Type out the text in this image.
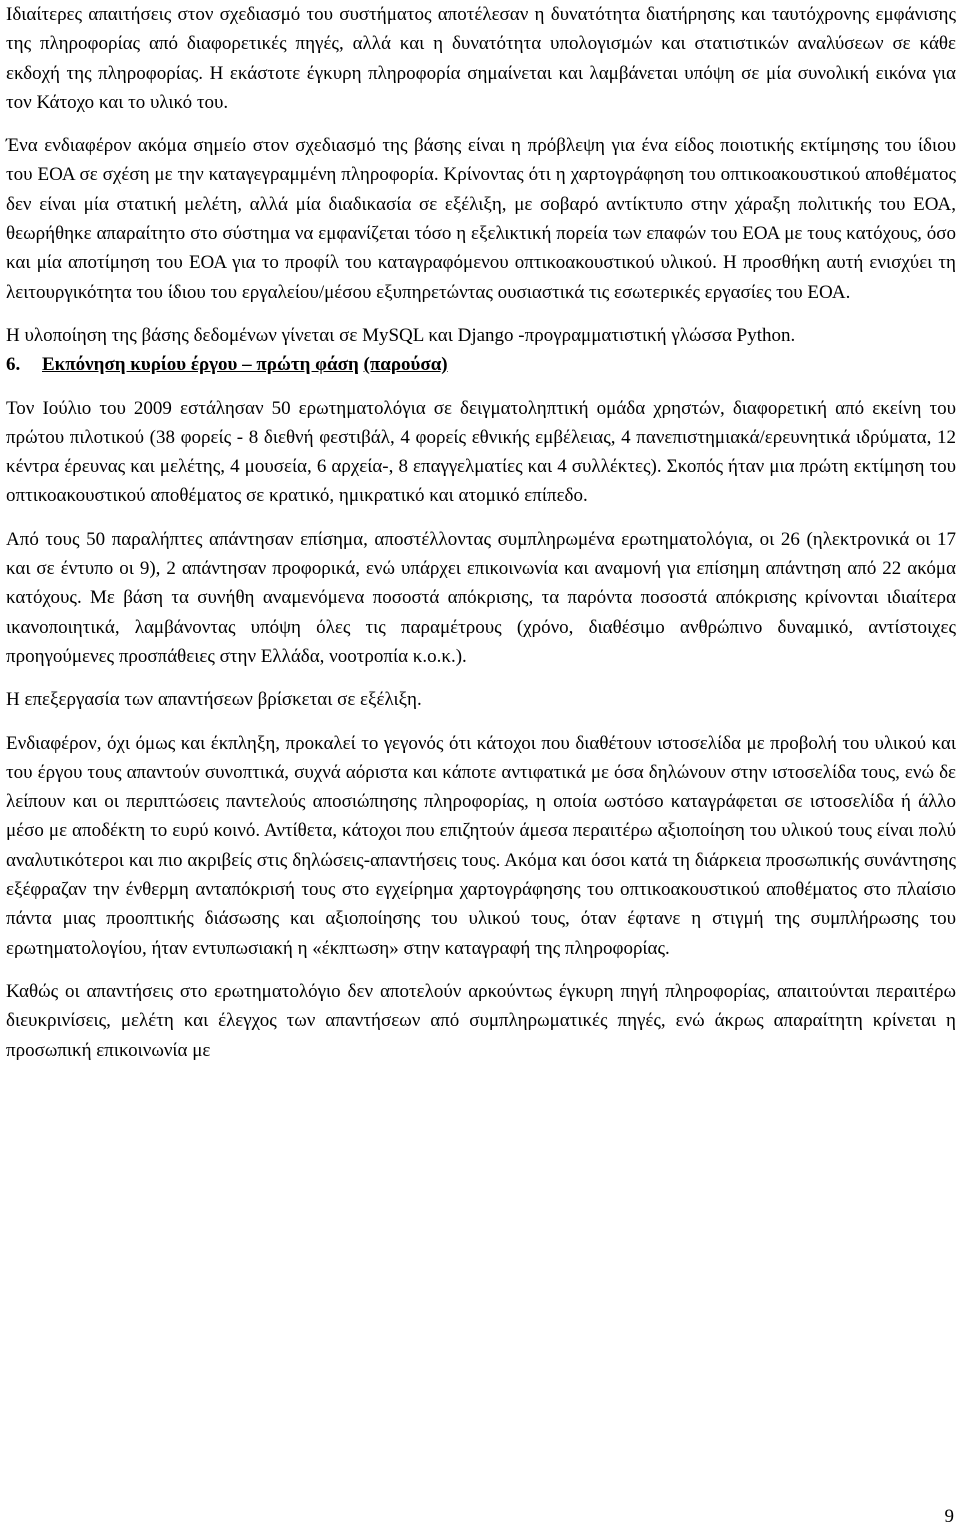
Ιδιαίτερες απαιτήσεις στον σχεδιασμό του συστήματος αποτέλεσαν η δυνατότητα διατήρησης και ταυτόχρονης εμφάνισης της πληροφορίας από διαφορετικές πηγές, αλλά και η δυνατότητα υπολογισμών και στατιστικών αναλύσεων σε κάθε εκδοχή της πληροφορίας. Η εκάστοτε έγκυρη πληροφορία σημαίνεται και λαμβάνεται υπόψη σε μία συνολική εικόνα για τον Κάτοχο και το υλικό του.

Ένα ενδιαφέρον ακόμα σημείο στον σχεδιασμό της βάσης είναι η πρόβλεψη για ένα είδος ποιοτικής εκτίμησης του ίδιου του ΕΟΑ σε σχέση με την καταγεγραμμένη πληροφορία. Κρίνοντας ότι η χαρτογράφηση του οπτικοακουστικού αποθέματος δεν είναι μία στατική μελέτη, αλλά μία διαδικασία σε εξέλιξη, με σοβαρό αντίκτυπο στην χάραξη πολιτικής του ΕΟΑ, θεωρήθηκε απαραίτητο στο σύστημα να εμφανίζεται τόσο η εξελικτική πορεία των επαφών του ΕΟΑ με τους κατόχους, όσο και μία αποτίμηση του ΕΟΑ για το προφίλ του καταγραφόμενου οπτικοακουστικού υλικού. Η προσθήκη αυτή ενισχύει τη λειτουργικότητα του ίδιου του εργαλείου/μέσου εξυπηρετώντας ουσιαστικά τις εσωτερικές εργασίες του ΕΟΑ.

Η υλοποίηση της βάσης δεδομένων γίνεται σε MySQL και Django -προγραμματιστική γλώσσα Python.

6. Εκπόνηση κυρίου έργου – πρώτη φάση (παρούσα)

Τον Ιούλιο του 2009 εστάλησαν 50 ερωτηματολόγια σε δειγματοληπτική ομάδα χρηστών, διαφορετική από εκείνη του πρώτου πιλοτικού (38 φορείς - 8 διεθνή φεστιβάλ, 4 φορείς εθνικής εμβέλειας, 4 πανεπιστημιακά/ερευνητικά ιδρύματα, 12 κέντρα έρευνας και μελέτης, 4 μουσεία, 6 αρχεία-, 8 επαγγελματίες και 4 συλλέκτες). Σκοπός ήταν μια πρώτη εκτίμηση του οπτικοακουστικού αποθέματος σε κρατικό, ημικρατικό και ατομικό επίπεδο.

Από τους 50 παραλήπτες απάντησαν επίσημα, αποστέλλοντας συμπληρωμένα ερωτηματολόγια, οι 26 (ηλεκτρονικά οι 17 και σε έντυπο οι 9), 2 απάντησαν προφορικά, ενώ υπάρχει επικοινωνία και αναμονή για επίσημη απάντηση από 22 ακόμα κατόχους. Με βάση τα συνήθη αναμενόμενα ποσοστά απόκρισης, τα παρόντα ποσοστά απόκρισης κρίνονται ιδιαίτερα ικανοποιητικά, λαμβάνοντας υπόψη όλες τις παραμέτρους (χρόνο, διαθέσιμο ανθρώπινο δυναμικό, αντίστοιχες προηγούμενες προσπάθειες στην Ελλάδα, νοοτροπία κ.ο.κ.).

Η επεξεργασία των απαντήσεων βρίσκεται σε εξέλιξη.

Ενδιαφέρον, όχι όμως και έκπληξη, προκαλεί το γεγονός ότι κάτοχοι που διαθέτουν ιστοσελίδα με προβολή του υλικού και του έργου τους απαντούν συνοπτικά, συχνά αόριστα και κάποτε αντιφατικά με όσα δηλώνουν στην ιστοσελίδα τους, ενώ δε λείπουν και οι περιπτώσεις παντελούς αποσιώπησης πληροφορίας, η οποία ωστόσο καταγράφεται σε ιστοσελίδα ή άλλο μέσο με αποδέκτη το ευρύ κοινό. Αντίθετα, κάτοχοι που επιζητούν άμεσα περαιτέρω αξιοποίηση του υλικού τους είναι πολύ αναλυτικότεροι και πιο ακριβείς στις δηλώσεις-απαντήσεις τους. Ακόμα και όσοι κατά τη διάρκεια προσωπικής συνάντησης εξέφραζαν την ένθερμη ανταπόκρισή τους στο εγχείρημα χαρτογράφησης του οπτικοακουστικού αποθέματος στο πλαίσιο πάντα μιας προοπτικής διάσωσης και αξιοποίησης του υλικού τους, όταν έφτανε η στιγμή της συμπλήρωσης του ερωτηματολογίου, ήταν εντυπωσιακή η «έκπτωση» στην καταγραφή της πληροφορίας.

Καθώς οι απαντήσεις στο ερωτηματολόγιο δεν αποτελούν αρκούντως έγκυρη πηγή πληροφορίας, απαιτούνται περαιτέρω διευκρινίσεις, μελέτη και έλεγχος των απαντήσεων από συμπληρωματικές πηγές, ενώ άκρως απαραίτητη κρίνεται η προσωπική επικοινωνία με

9
